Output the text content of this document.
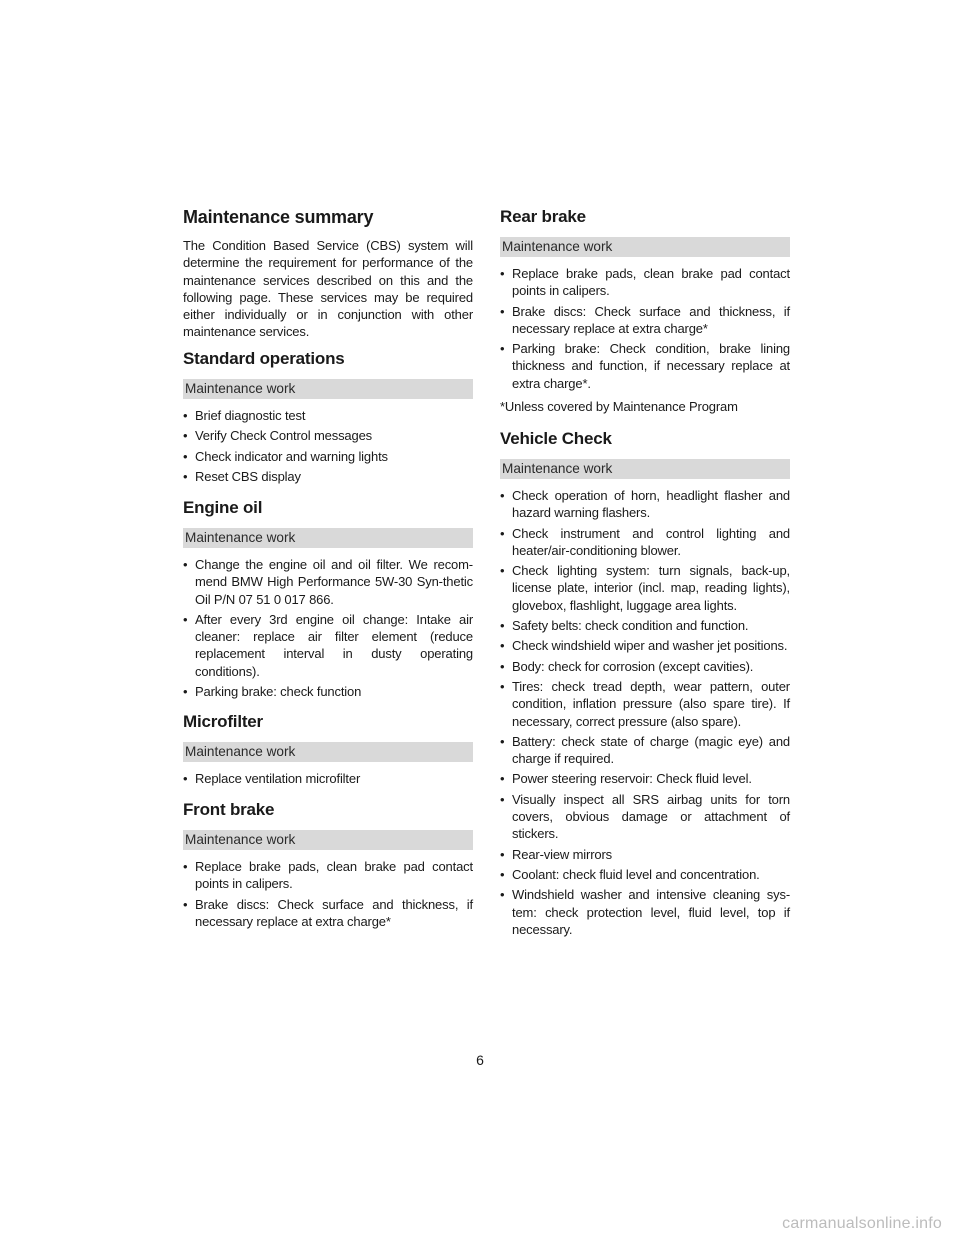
Maintenance summary

The Condition Based Service (CBS) system will determine the requirement for performance of the maintenance services described on this and the following page. These services may be required either individually or in conjunction with other maintenance services.

Standard operations
Maintenance work
• Brief diagnostic test
• Verify Check Control messages
• Check indicator and warning lights
• Reset CBS display
Engine oil
Maintenance work
• Change the engine oil and oil filter. We recom-mend BMW High Performance 5W-30 Syn-thetic Oil P/N 07 51 0 017 866.
• After every 3rd engine oil change: Intake air cleaner: replace air filter element (reduce replacement interval in dusty operating conditions).
• Parking brake: check function
Microfilter
Maintenance work
• Replace ventilation microfilter
Front brake
Maintenance work
• Replace brake pads, clean brake pad contact points in calipers.
• Brake discs: Check surface and thickness, if necessary replace at extra charge*
Rear brake
Maintenance work
• Replace brake pads, clean brake pad contact points in calipers.
• Brake discs: Check surface and thickness, if necessary replace at extra charge*
• Parking brake: Check condition, brake lining thickness and function, if necessary replace at extra charge*.
*Unless covered by Maintenance Program
Vehicle Check
Maintenance work
• Check operation of horn, headlight flasher and hazard warning flashers.
• Check instrument and control lighting and heater/air-conditioning blower.
• Check lighting system: turn signals, back-up, license plate, interior (incl. map, reading lights), glovebox, flashlight, luggage area lights.
• Safety belts: check condition and function.
• Check windshield wiper and washer jet positions.
• Body: check for corrosion (except cavities).
• Tires: check tread depth, wear pattern, outer condition, inflation pressure (also spare tire). If necessary, correct pressure (also spare).
• Battery: check state of charge (magic eye) and charge if required.
• Power steering reservoir: Check fluid level.
• Visually inspect all SRS airbag units for torn covers, obvious damage or attachment of stickers.
• Rear-view mirrors
• Coolant: check fluid level and concentration.
• Windshield washer and intensive cleaning sys-tem: check protection level, fluid level, top if necessary.
6
carmanualsonline.info
